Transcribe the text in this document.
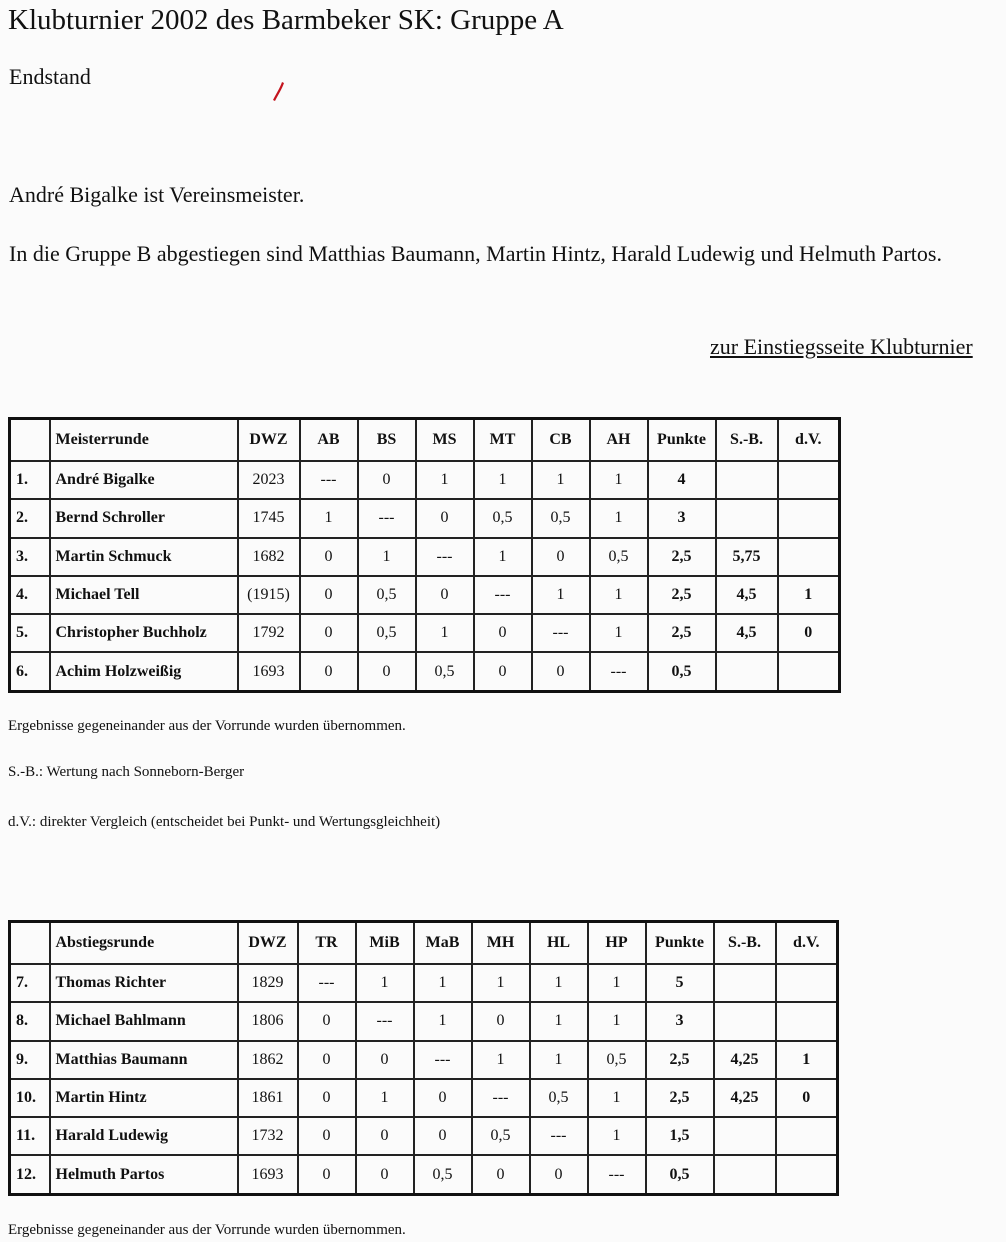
Klubturnier 2002 des Barmbeker SK: Gruppe A
Endstand
André Bigalke ist Vereinsmeister.
In die Gruppe B abgestiegen sind Matthias Baumann, Martin Hintz, Harald Ludewig und Helmuth Partos.
zur Einstiegsseite Klubturnier
	Meisterrunde	DWZ	AB	BS	MS	MT	CB	AH	Punkte	S.-B.	d.V.
1.	André Bigalke	2023	---	0	1	1	1	1	4		
2.	Bernd Schroller	1745	1	---	0	0,5	0,5	1	3		
3.	Martin Schmuck	1682	0	1	---	1	0	0,5	2,5	5,75	
4.	Michael Tell	(1915)	0	0,5	0	---	1	1	2,5	4,5	1
5.	Christopher Buchholz	1792	0	0,5	1	0	---	1	2,5	4,5	0
6.	Achim Holzweißig	1693	0	0	0,5	0	0	---	0,5		
Ergebnisse gegeneinander aus der Vorrunde wurden übernommen.
S.-B.: Wertung nach Sonneborn-Berger
d.V.: direkter Vergleich (entscheidet bei Punkt- und Wertungsgleichheit)
	Abstiegsrunde	DWZ	TR	MiB	MaB	MH	HL	HP	Punkte	S.-B.	d.V.
7.	Thomas Richter	1829	---	1	1	1	1	1	5		
8.	Michael Bahlmann	1806	0	---	1	0	1	1	3		
9.	Matthias Baumann	1862	0	0	---	1	1	0,5	2,5	4,25	1
10.	Martin Hintz	1861	0	1	0	---	0,5	1	2,5	4,25	0
11.	Harald Ludewig	1732	0	0	0	0,5	---	1	1,5		
12.	Helmuth Partos	1693	0	0	0,5	0	0	---	0,5		
Ergebnisse gegeneinander aus der Vorrunde wurden übernommen.
